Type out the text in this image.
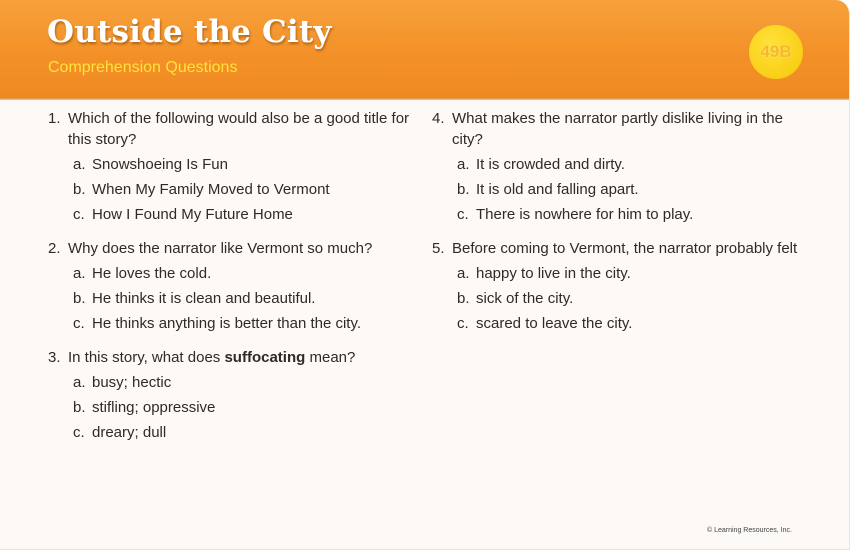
Outside the City
Comprehension Questions
49B
1. Which of the following would also be a good title for this story?
a. Snowshoeing Is Fun
b. When My Family Moved to Vermont
c. How I Found My Future Home
2. Why does the narrator like Vermont so much?
a. He loves the cold.
b. He thinks it is clean and beautiful.
c. He thinks anything is better than the city.
3. In this story, what does suffocating mean?
a. busy; hectic
b. stifling; oppressive
c. dreary; dull
4. What makes the narrator partly dislike living in the city?
a. It is crowded and dirty.
b. It is old and falling apart.
c. There is nowhere for him to play.
5. Before coming to Vermont, the narrator probably felt
a. happy to live in the city.
b. sick of the city.
c. scared to leave the city.
© Learning Resources, Inc.
